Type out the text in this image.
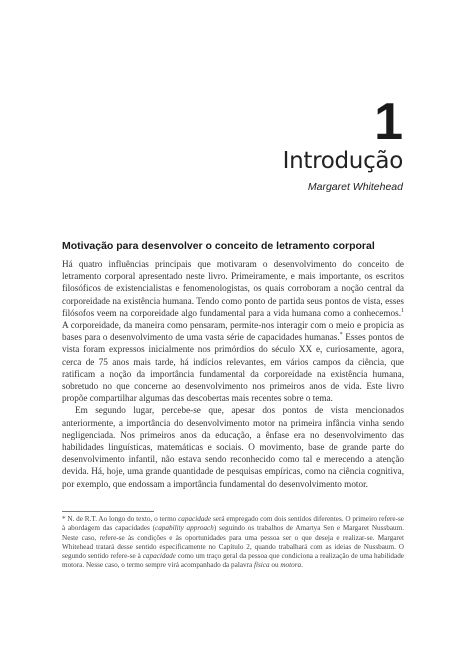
1
Introdução
Margaret Whitehead
Motivação para desenvolver o conceito de letramento corporal

Há quatro influências principais que motivaram o desenvolvimento do conceito de letramento corporal apresentado neste livro. Primeiramente, e mais importante, os escritos filosóficos de existencialistas e fenomenologistas, os quais corroboram a noção central da corporeidade na existência humana. Tendo como ponto de partida seus pontos de vista, esses filósofos veem na corporeidade algo fundamental para a vida humana como a conhecemos.$^1$ A corporeidade, da maneira como pensaram, permite-nos interagir com o meio e propicia as bases para o desenvolvimento de uma vasta série de capacidades humanas.* Esses pontos de vista foram expressos inicialmente nos primórdios do século XX e, curiosamente, agora, cerca de 75 anos mais tarde, há indícios relevantes, em vários campos da ciência, que ratificam a noção da importância fundamental da corporeidade na existência humana, sobretudo no que concerne ao desenvolvimento nos primeiros anos de vida. Este livro propõe compartilhar algumas das descobertas mais recentes sobre o tema.

Em segundo lugar, percebe-se que, apesar dos pontos de vista mencionados anteriormente, a importância do desenvolvimento motor na primeira infância vinha sendo negligenciada. Nos primeiros anos da educação, a ênfase era no desenvolvimento das habilidades linguísticas, matemáticas e sociais. O movimento, base de grande parte do desenvolvimento infantil, não estava sendo reconhecido como tal e merecendo a atenção devida. Há, hoje, uma grande quantidade de pesquisas empíricas, como na ciência cognitiva, por exemplo, que endossam a importância fundamental do desenvolvimento motor.

* N. de R.T. Ao longo do texto, o termo capacidade será empregado com dois sentidos diferentes. O primeiro refere-se à abordagem das capacidades (capability approach) seguindo os trabalhos de Amartya Sen e Margaret Nussbaum. Neste caso, refere-se às condições e às oportunidades para uma pessoa ser o que deseja e realizar-se. Margaret Whitehead tratará desse sentido especificamente no Capítulo 2, quando trabalhará com as ideias de Nussbaum. O segundo sentido refere-se à capacidade como um traço geral da pessoa que condiciona a realização de uma habilidade motora. Nesse caso, o termo sempre virá acompanhado da palavra física ou motora.
